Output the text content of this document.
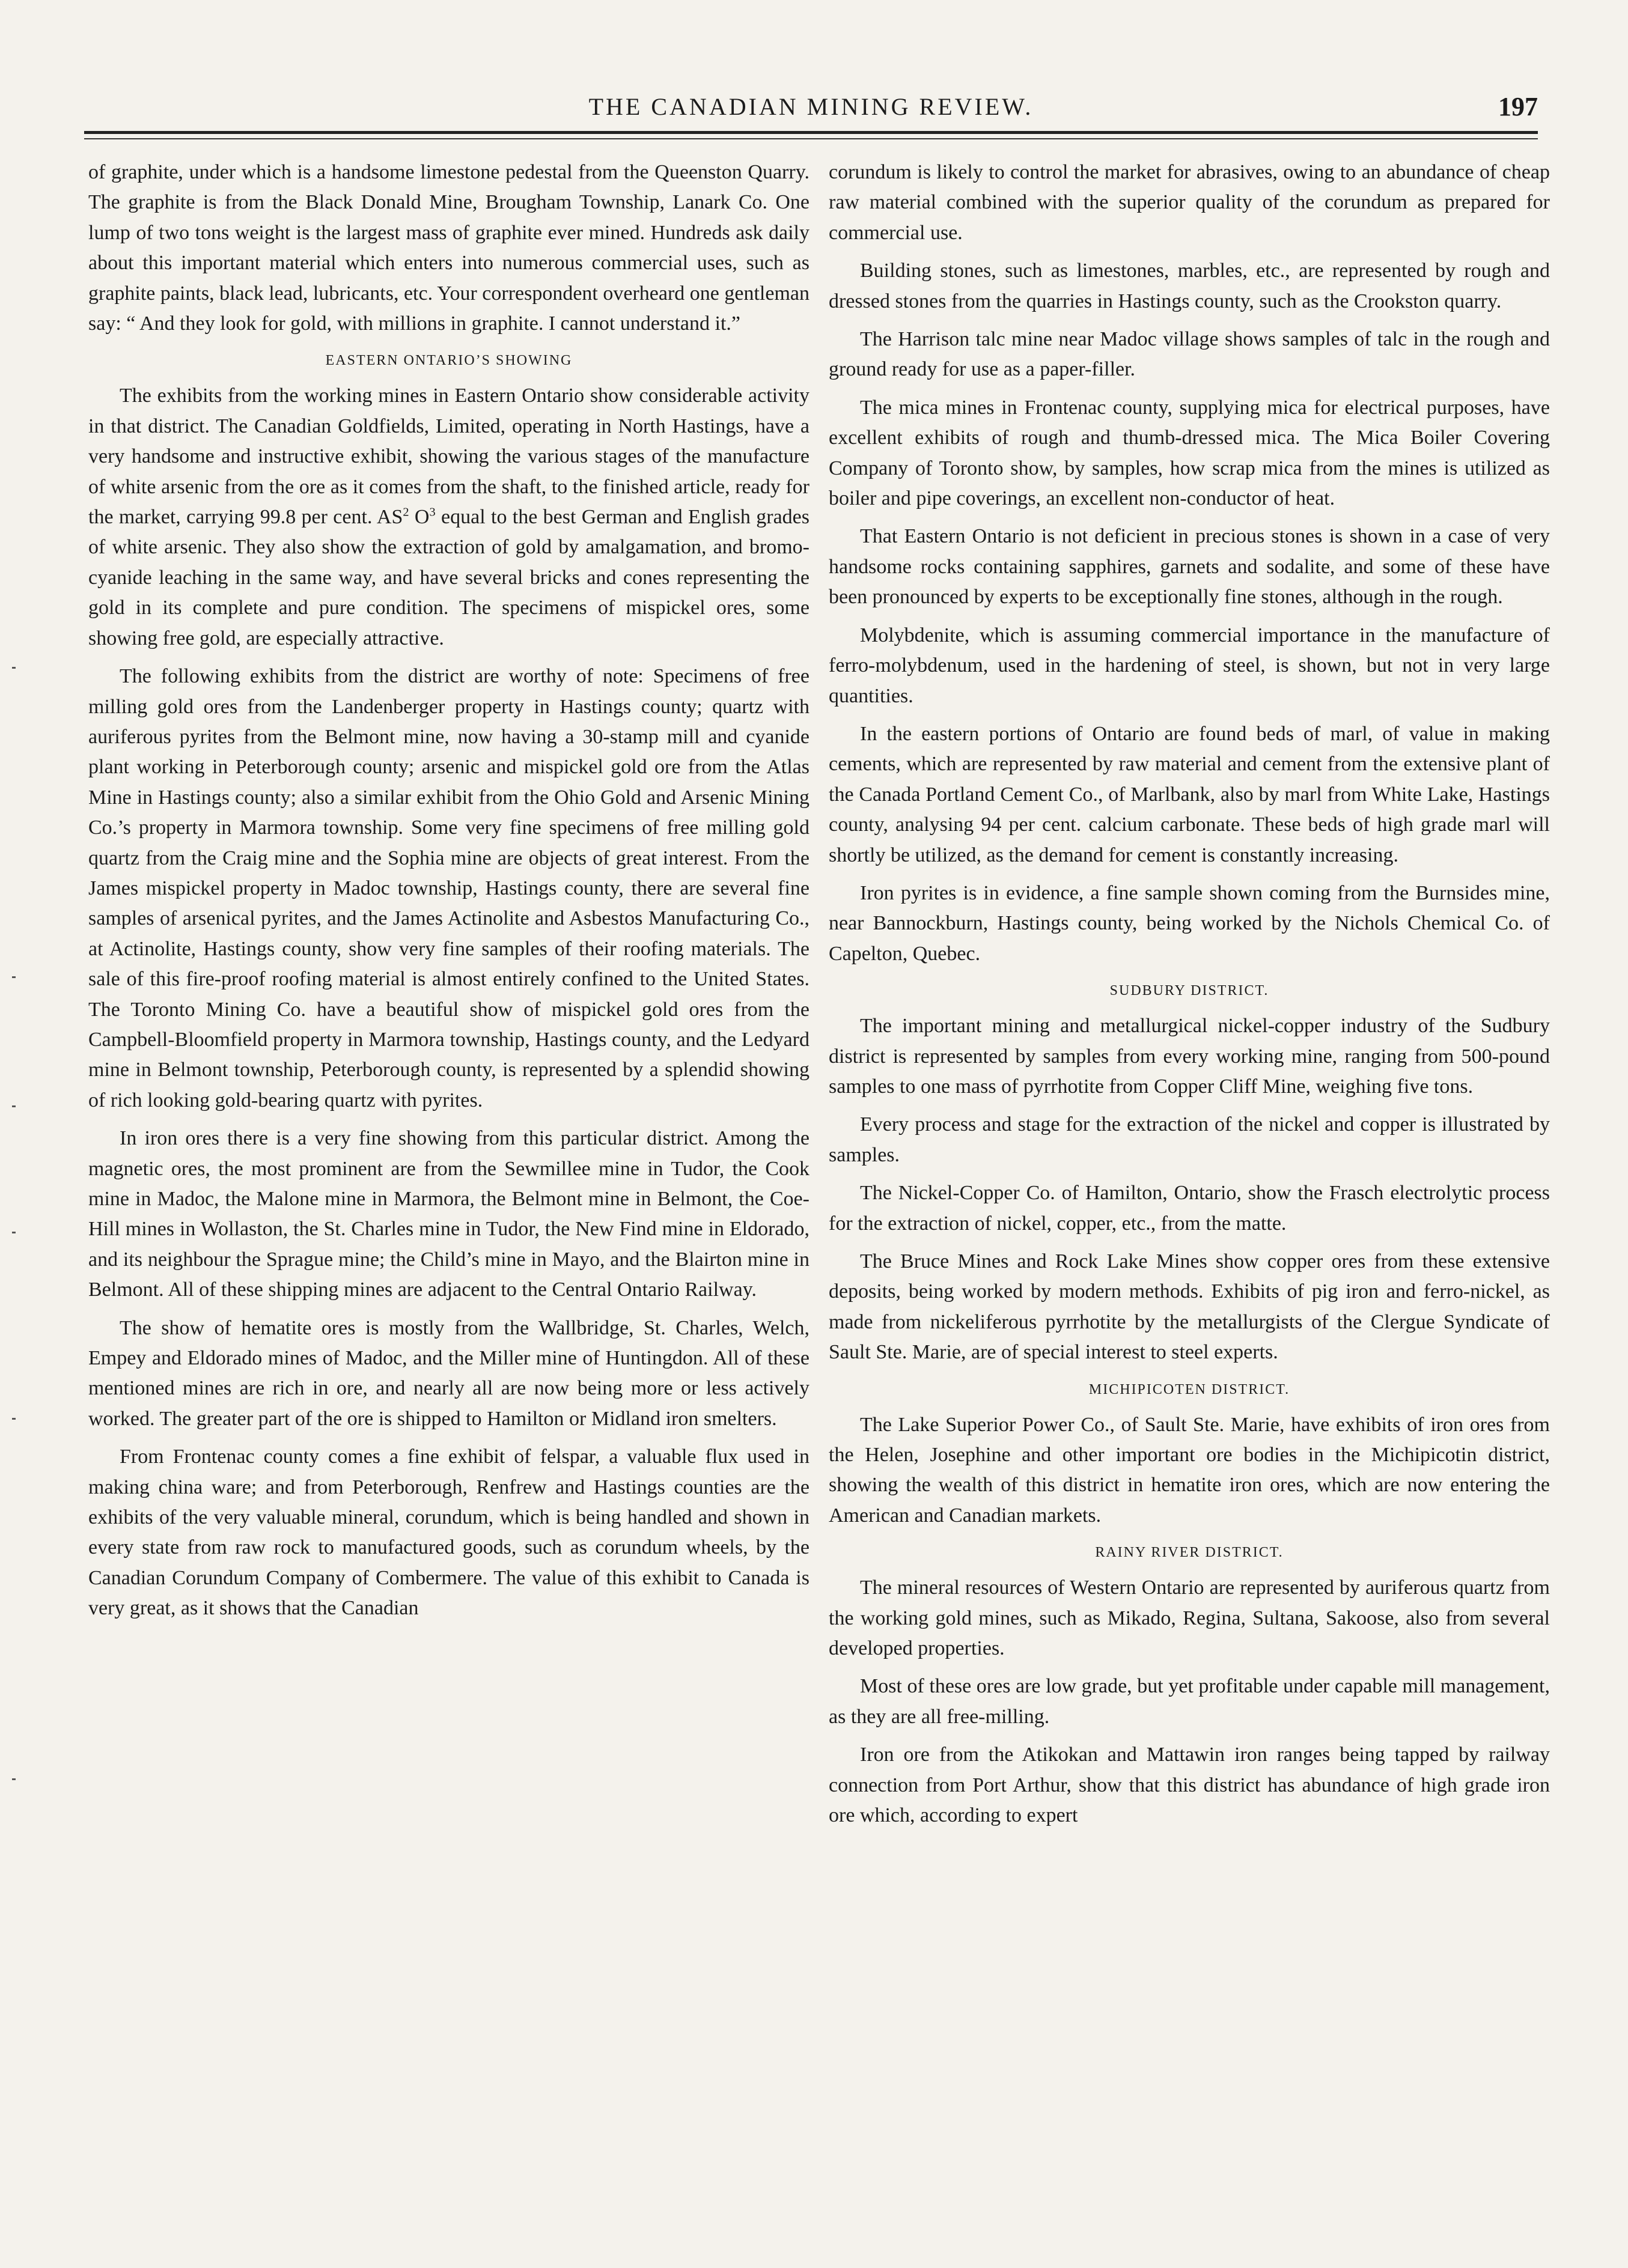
THE CANADIAN MINING REVIEW.	197

of graphite, under which is a handsome limestone pedestal from the Queenston Quarry. The graphite is from the Black Donald Mine, Brougham Township, Lanark Co. One lump of two tons weight is the largest mass of graphite ever mined. Hundreds ask daily about this important material which enters into numerous commercial uses, such as graphite paints, black lead, lubricants, etc. Your correspondent overheard one gentleman say: “ And they look for gold, with millions in graphite. I cannot understand it.”

EASTERN ONTARIO’S SHOWING

The exhibits from the working mines in Eastern Ontario show considerable activity in that district. The Canadian Goldfields, Limited, operating in North Hastings, have a very handsome and instructive exhibit, showing the various stages of the manufacture of white arsenic from the ore as it comes from the shaft, to the finished article, ready for the market, carrying 99.8 per cent. $AS^2$ $O^3$ equal to the best German and English grades of white arsenic. They also show the extraction of gold by amalgamation, and bromo-cyanide leaching in the same way, and have several bricks and cones representing the gold in its complete and pure condition. The specimens of mispickel ores, some showing free gold, are especially attractive.

The following exhibits from the district are worthy of note: Specimens of free milling gold ores from the Landenberger property in Hastings county; quartz with auriferous pyrites from the Belmont mine, now having a 30-stamp mill and cyanide plant working in Peterborough county; arsenic and mispickel gold ore from the Atlas Mine in Hastings county; also a similar exhibit from the Ohio Gold and Arsenic Mining Co.’s property in Marmora township. Some very fine specimens of free milling gold quartz from the Craig mine and the Sophia mine are objects of great interest. From the James mispickel property in Madoc township, Hastings county, there are several fine samples of arsenical pyrites, and the James Actinolite and Asbestos Manufacturing Co., at Actinolite, Hastings county, show very fine samples of their roofing materials. The sale of this fire-proof roofing material is almost entirely confined to the United States. The Toronto Mining Co. have a beautiful show of mispickel gold ores from the Campbell-Bloomfield property in Marmora township, Hastings county, and the Ledyard mine in Belmont township, Peterborough county, is represented by a splendid showing of rich looking gold-bearing quartz with pyrites.

In iron ores there is a very fine showing from this particular district. Among the magnetic ores, the most prominent are from the Sewmillee mine in Tudor, the Cook mine in Madoc, the Malone mine in Marmora, the Belmont mine in Belmont, the Coe-Hill mines in Wollaston, the St. Charles mine in Tudor, the New Find mine in Eldorado, and its neighbour the Sprague mine; the Child’s mine in Mayo, and the Blairton mine in Belmont. All of these shipping mines are adjacent to the Central Ontario Railway.

The show of hematite ores is mostly from the Wallbridge, St. Charles, Welch, Empey and Eldorado mines of Madoc, and the Miller mine of Huntingdon. All of these mentioned mines are rich in ore, and nearly all are now being more or less actively worked. The greater part of the ore is shipped to Hamilton or Midland iron smelters.

From Frontenac county comes a fine exhibit of felspar, a valuable flux used in making china ware; and from Peterborough, Renfrew and Hastings counties are the exhibits of the very valuable mineral, corundum, which is being handled and shown in every state from raw rock to manufactured goods, such as corundum wheels, by the Canadian Corundum Company of Combermere. The value of this exhibit to Canada is very great, as it shows that the Canadian

corundum is likely to control the market for abrasives, owing to an abundance of cheap raw material combined with the superior quality of the corundum as prepared for commercial use.

Building stones, such as limestones, marbles, etc., are represented by rough and dressed stones from the quarries in Hastings county, such as the Crookston quarry.

The Harrison talc mine near Madoc village shows samples of talc in the rough and ground ready for use as a paper-filler.

The mica mines in Frontenac county, supplying mica for electrical purposes, have excellent exhibits of rough and thumb-dressed mica. The Mica Boiler Covering Company of Toronto show, by samples, how scrap mica from the mines is utilized as boiler and pipe coverings, an excellent non-conductor of heat.

That Eastern Ontario is not deficient in precious stones is shown in a case of very handsome rocks containing sapphires, garnets and sodalite, and some of these have been pronounced by experts to be exceptionally fine stones, although in the rough.

Molybdenite, which is assuming commercial importance in the manufacture of ferro-molybdenum, used in the hardening of steel, is shown, but not in very large quantities.

In the eastern portions of Ontario are found beds of marl, of value in making cements, which are represented by raw material and cement from the extensive plant of the Canada Portland Cement Co., of Marlbank, also by marl from White Lake, Hastings county, analysing 94 per cent. calcium carbonate. These beds of high grade marl will shortly be utilized, as the demand for cement is constantly increasing.

Iron pyrites is in evidence, a fine sample shown coming from the Burnsides mine, near Bannockburn, Hastings county, being worked by the Nichols Chemical Co. of Capelton, Quebec.

SUDBURY DISTRICT.

The important mining and metallurgical nickel-copper industry of the Sudbury district is represented by samples from every working mine, ranging from 500-pound samples to one mass of pyrrhotite from Copper Cliff Mine, weighing five tons.

Every process and stage for the extraction of the nickel and copper is illustrated by samples.

The Nickel-Copper Co. of Hamilton, Ontario, show the Frasch electrolytic process for the extraction of nickel, copper, etc., from the matte.

The Bruce Mines and Rock Lake Mines show copper ores from these extensive deposits, being worked by modern methods. Exhibits of pig iron and ferro-nickel, as made from nickeliferous pyrrhotite by the metallurgists of the Clergue Syndicate of Sault Ste. Marie, are of special interest to steel experts.

MICHIPICOTEN DISTRICT.

The Lake Superior Power Co., of Sault Ste. Marie, have exhibits of iron ores from the Helen, Josephine and other important ore bodies in the Michipicotin district, showing the wealth of this district in hematite iron ores, which are now entering the American and Canadian markets.

RAINY RIVER DISTRICT.

The mineral resources of Western Ontario are represented by auriferous quartz from the working gold mines, such as Mikado, Regina, Sultana, Sakoose, also from several developed properties.

Most of these ores are low grade, but yet profitable under capable mill management, as they are all free-milling.

Iron ore from the Atikokan and Mattawin iron ranges being tapped by railway connection from Port Arthur, show that this district has abundance of high grade iron ore which, according to expert
